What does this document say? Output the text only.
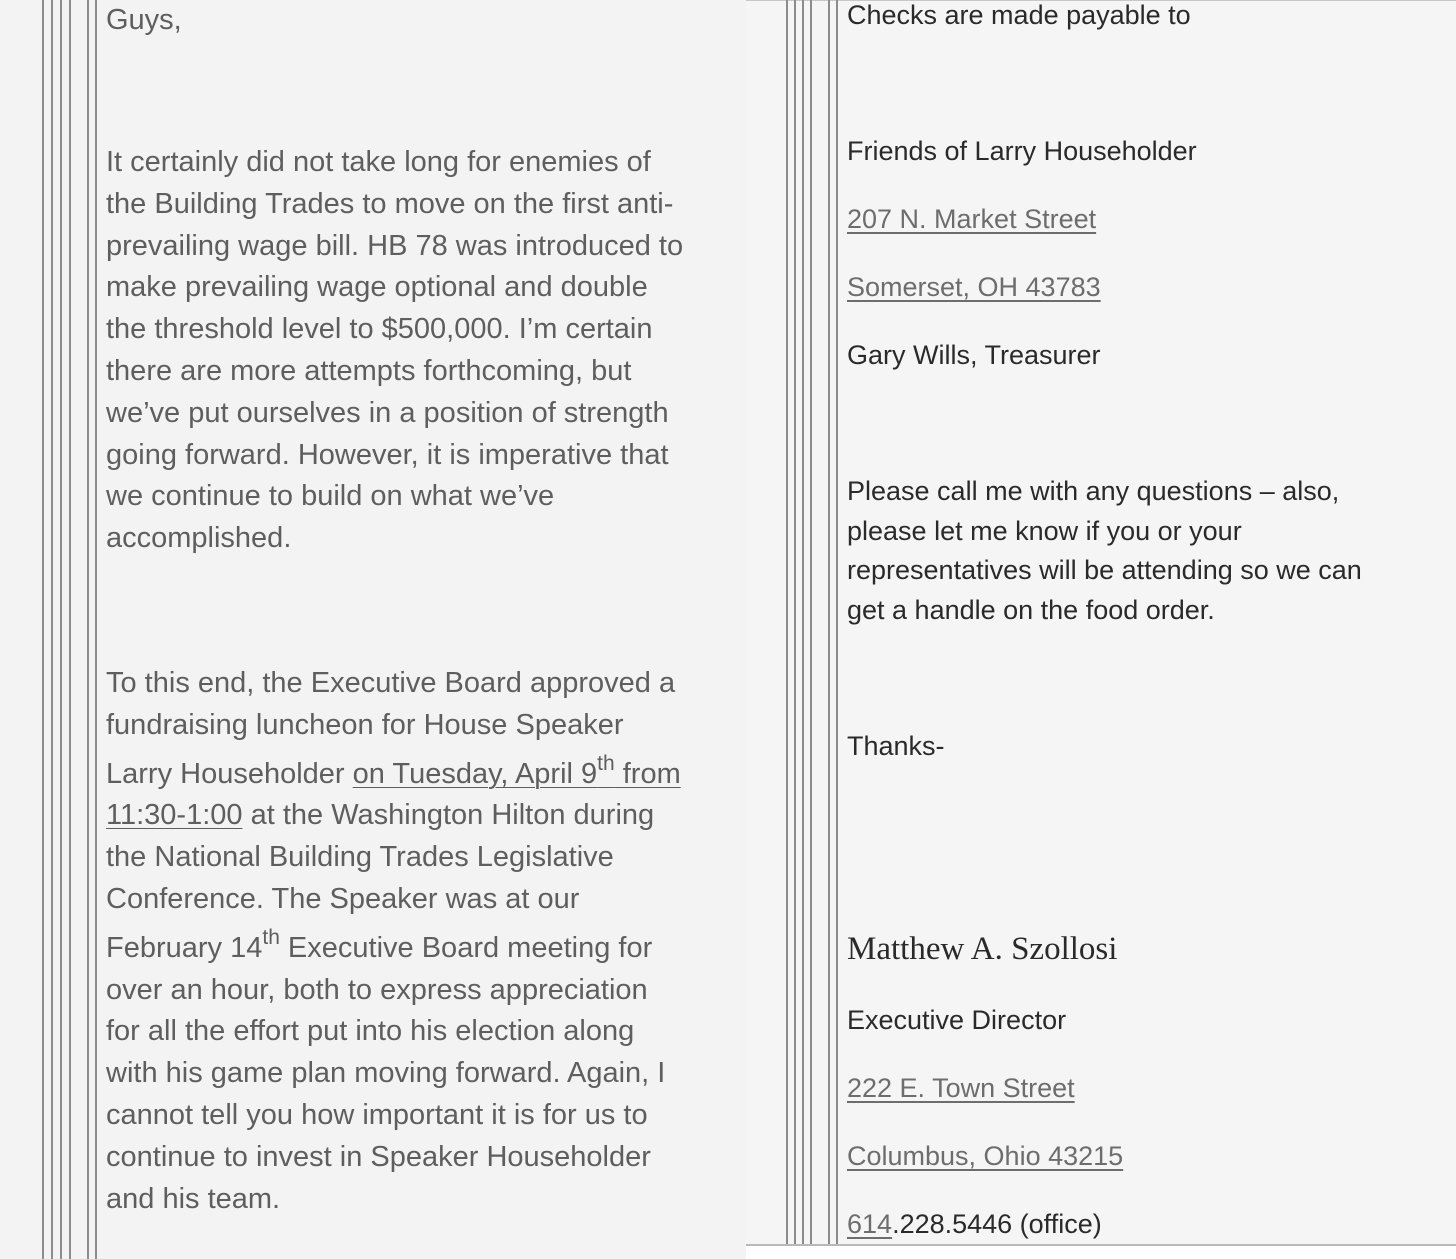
Guys,

It certainly did not take long for enemies of
the Building Trades to move on the first anti-
prevailing wage bill. HB 78 was introduced to
make prevailing wage optional and double
the threshold level to $500,000. I’m certain
there are more attempts forthcoming, but
we’ve put ourselves in a position of strength
going forward. However, it is imperative that
we continue to build on what we’ve
accomplished.
To this end, the Executive Board approved a
fundraising luncheon for House Speaker
Larry Householder on Tuesday, April 9th from
11:30-1:00 at the Washington Hilton during
the National Building Trades Legislative
Conference. The Speaker was at our
February 14th Executive Board meeting for
over an hour, both to express appreciation
for all the effort put into his election along
with his game plan moving forward. Again, I
cannot tell you how important it is for us to
continue to invest in Speaker Householder
and his team.

Checks are made payable to

Friends of Larry Householder

207 N. Market Street

Somerset, OH 43783

Gary Wills, Treasurer

Please call me with any questions – also,
please let me know if you or your
representatives will be attending so we can
get a handle on the food order.

Thanks-

Matthew A. Szollosi

Executive Director

222 E. Town Street

Columbus, Ohio 43215

614.228.5446 (office)
